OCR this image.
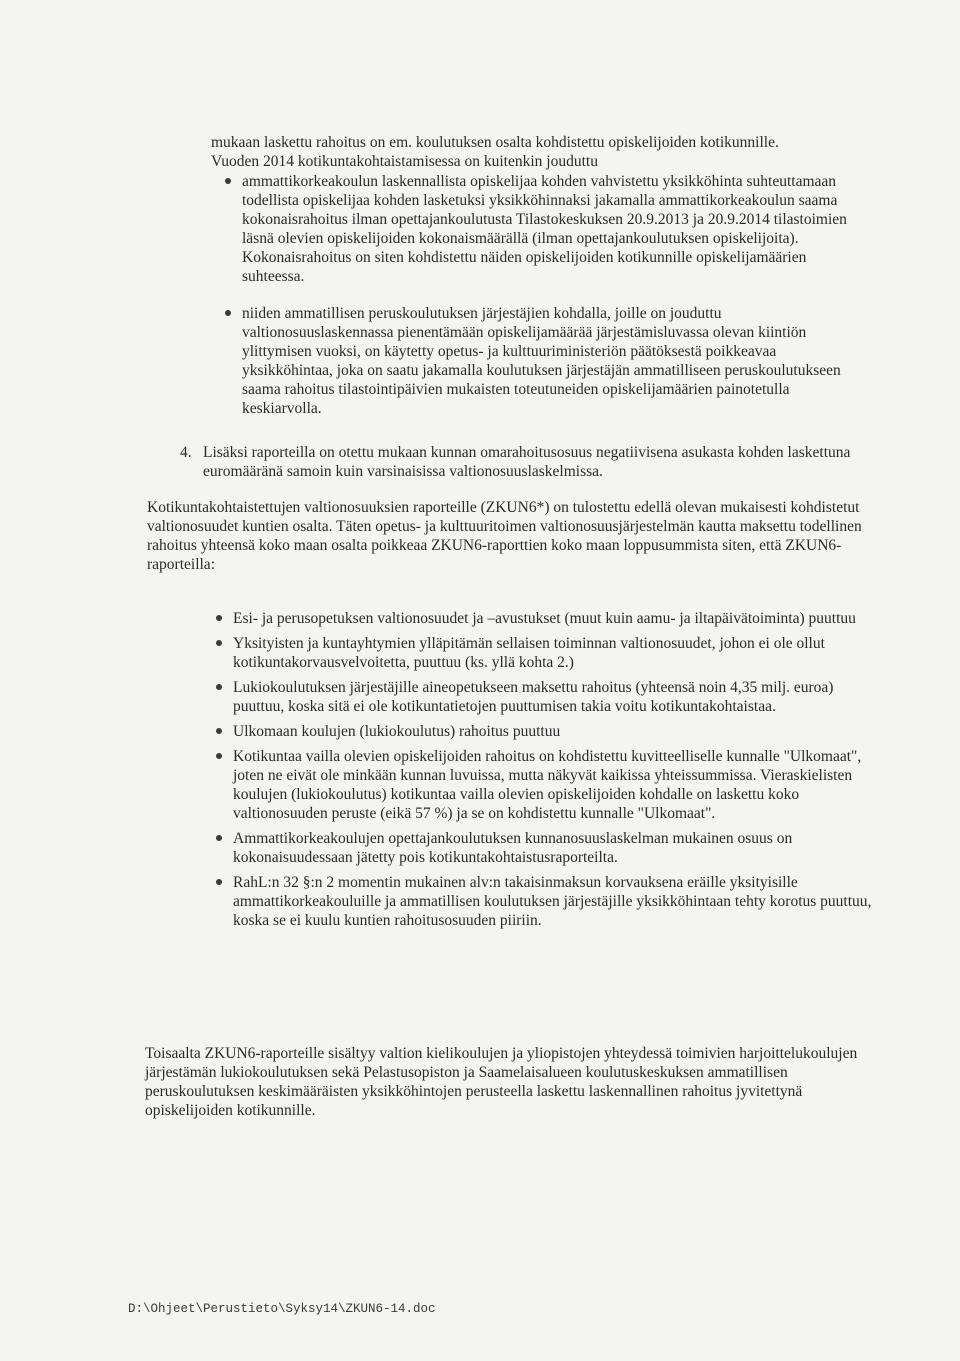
mukaan laskettu rahoitus on em. koulutuksen osalta kohdistettu opiskelijoiden kotikunnille.

Vuoden 2014 kotikuntakohtaistamisessa on kuitenkin jouduttu

ammattikorkeakoulun laskennallista opiskelijaa kohden vahvistettu yksikköhinta suhteuttamaan todellista opiskelijaa kohden lasketuksi yksikköhinnaksi jakamalla ammattikorkeakoulun saama kokonaisrahoitus ilman opettajankoulutusta Tilastokeskuksen 20.9.2013 ja 20.9.2014 tilastoimien läsnä olevien opiskelijoiden kokonaismäärällä (ilman opettajankoulutuksen opiskelijoita). Kokonaisrahoitus on siten kohdistettu näiden opiskelijoiden kotikunnille opiskelijamäärien suhteessa.
niiden ammatillisen peruskoulutuksen järjestäjien kohdalla, joille on jouduttu valtionosuuslaskennassa pienentämään opiskelijamäärää järjestämisluvassa olevan kiintiön ylittymisen vuoksi, on käytetty opetus- ja kulttuuriministeriön päätöksestä poikkeavaa yksikköhintaa, joka on saatu jakamalla koulutuksen järjestäjän ammatilliseen peruskoulutukseen saama rahoitus tilastointipäivien mukaisten toteutuneiden opiskelijamäärien painotetulla keskiarvolla.
4. Lisäksi raporteilla on otettu mukaan kunnan omarahoitusosuus negatiivisena asukasta kohden laskettuna euromääränä samoin kuin varsinaisissa valtionosuuslaskelmissa.

Kotikuntakohtaistettujen valtionosuuksien raporteille (ZKUN6*) on tulostettu edellä olevan mukaisesti kohdistetut valtionosuudet kuntien osalta. Täten opetus- ja kulttuuritoimen valtionosuusjärjestelmän kautta maksettu todellinen rahoitus yhteensä koko maan osalta poikkeaa ZKUN6-raporttien koko maan loppusummista siten, että ZKUN6-raporteilla:

Esi- ja perusopetuksen valtionosuudet ja –avustukset (muut kuin aamu- ja iltapäivätoiminta) puuttuu
Yksityisten ja kuntayhtymien ylläpitämän sellaisen toiminnan valtionosuudet, johon ei ole ollut kotikuntakorvausvelvoitetta, puuttuu (ks. yllä kohta 2.)
Lukiokoulutuksen järjestäjille aineopetukseen maksettu rahoitus (yhteensä noin 4,35 milj. euroa) puuttuu, koska sitä ei ole kotikuntatietojen puuttumisen takia voitu kotikuntakohtaistaa.
Ulkomaan koulujen (lukiokoulutus) rahoitus puuttuu
Kotikuntaa vailla olevien opiskelijoiden rahoitus on kohdistettu kuvitteelliselle kunnalle "Ulkomaat", joten ne eivät ole minkään kunnan luvuissa, mutta näkyvät kaikissa yhteissummissa. Vieraskielisten koulujen (lukiokoulutus) kotikuntaa vailla olevien opiskelijoiden kohdalle on laskettu koko valtionosuuden peruste (eikä 57 %) ja se on kohdistettu kunnalle "Ulkomaat".
Ammattikorkeakoulujen opettajankoulutuksen kunnanosuuslaskelman mukainen osuus on kokonaisuudessaan jätetty pois kotikuntakohtaistusraporteilta.
RahL:n 32 §:n 2 momentin mukainen alv:n takaisinmaksun korvauksena eräille yksityisille ammattikorkeakouluille ja ammatillisen koulutuksen järjestäjille yksikköhintaan tehty korotus puuttuu, koska se ei kuulu kuntien rahoitusosuuden piiriin.

Toisaalta ZKUN6-raporteille sisältyy valtion kielikoulujen ja yliopistojen yhteydessä toimivien harjoittelukoulujen järjestämän lukiokoulutuksen sekä Pelastusopiston ja Saamelaisalueen koulutuskeskuksen ammatillisen peruskoulutuksen keskimääräisten yksikköhintojen perusteella laskettu laskennallinen rahoitus jyvitettynä opiskelijoiden kotikunnille.

D:\Ohjeet\Perustieto\Syksy14\ZKUN6-14.doc
